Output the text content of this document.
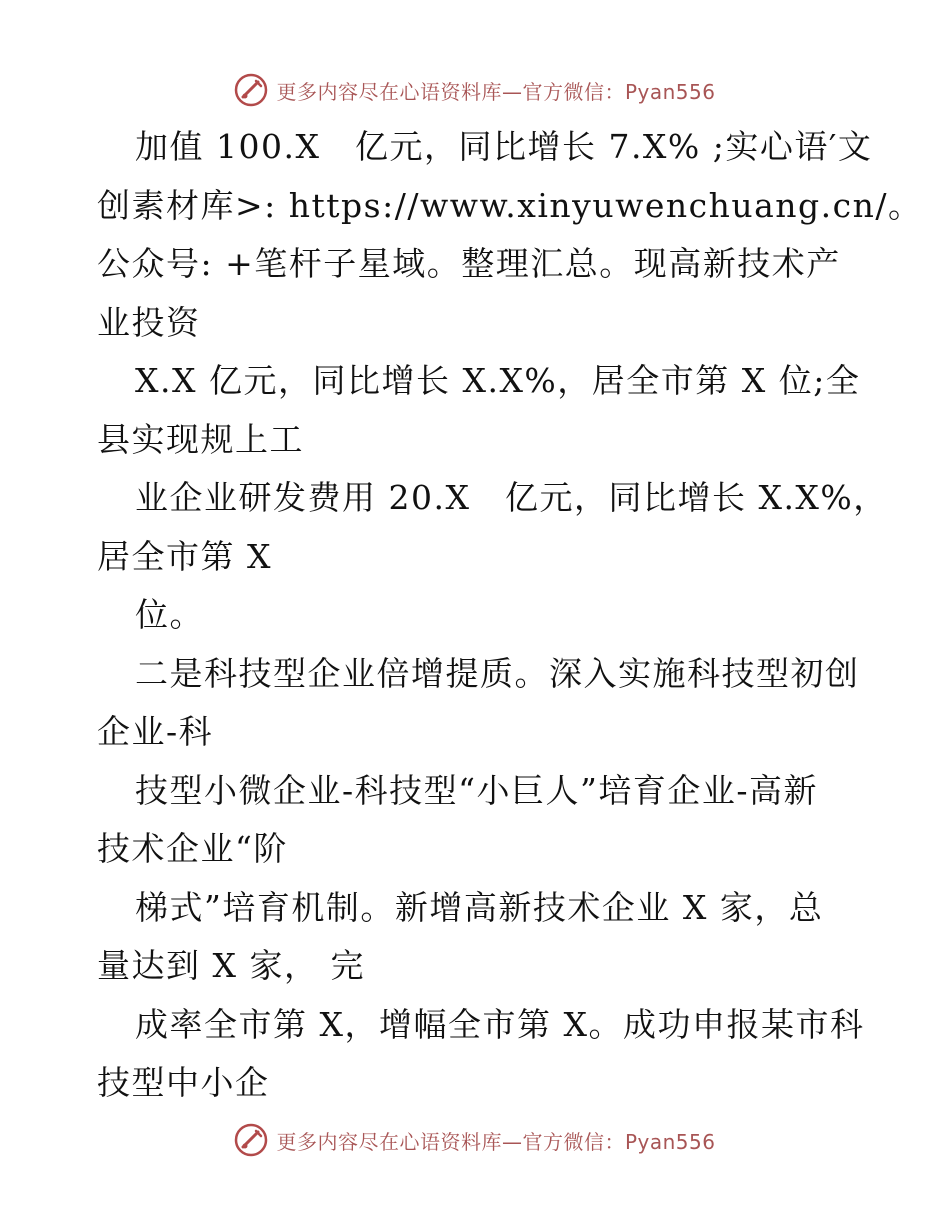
更多内容尽在心语资料库—官方微信：Pyan556
加值 100.X　亿元，同比增长 7.X% ;实心语′文
创素材库>: https://www.xinyuwenchuang.cn/。
公众号: +笔杆子星域。整理汇总。现高新技术产
业投资
X.X 亿元，同比增长 X.X%，居全市第 X 位;全
县实现规上工
业企业研发费用 20.X　亿元，同比增长 X.X%，
居全市第 X
位。
二是科技型企业倍增提质。深入实施科技型初创
企业-科
技型小微企业-科技型“小巨人”培育企业-高新
技术企业“阶
梯式”培育机制。新增高新技术企业 X 家，总
量达到 X 家， 完
成率全市第 X，增幅全市第 X。成功申报某市科
技型中小企
更多内容尽在心语资料库—官方微信：Pyan556
